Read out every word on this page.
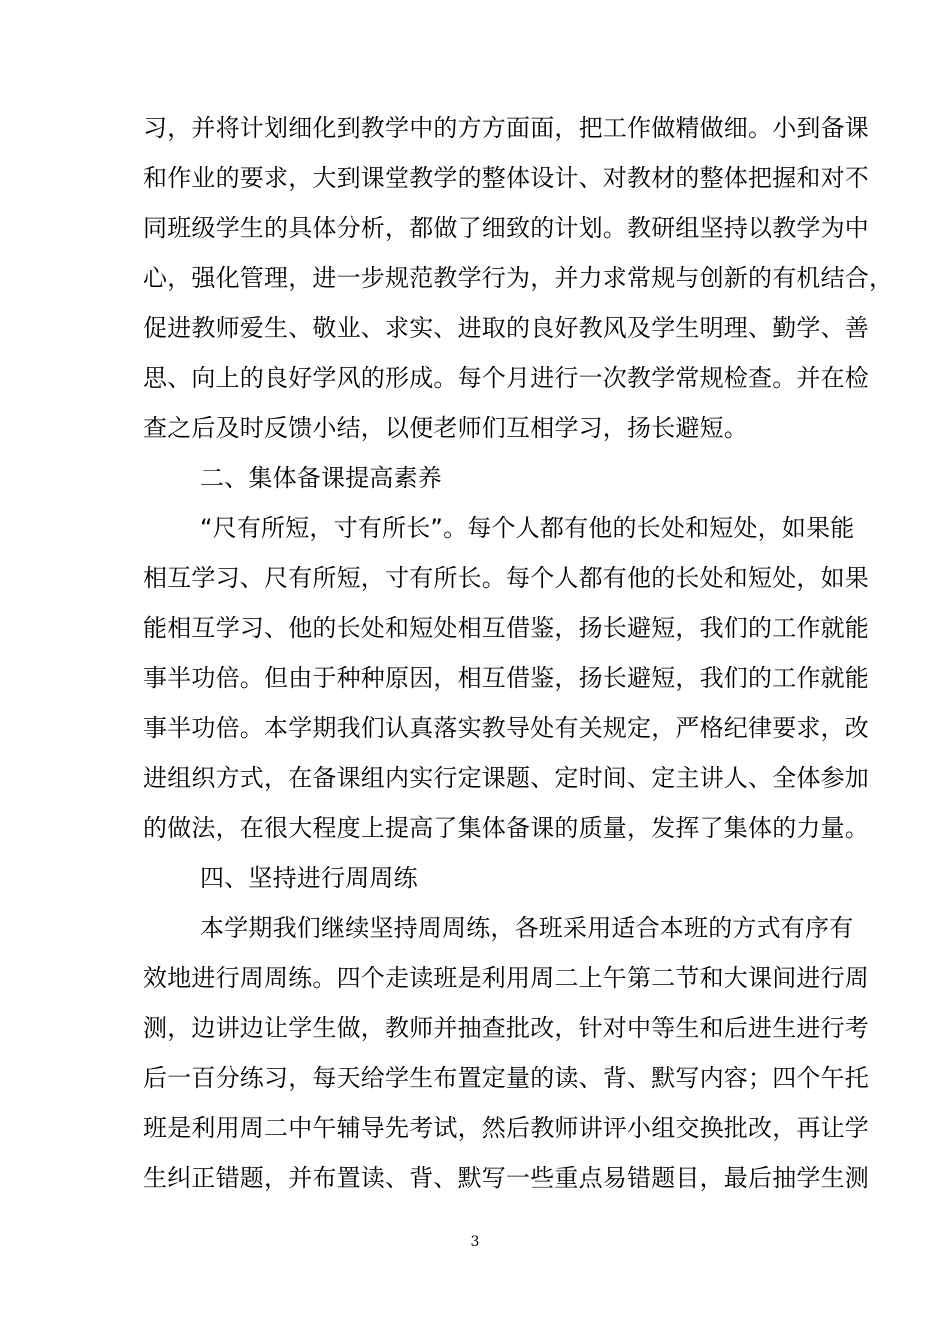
习，并将计划细化到教学中的方方面面，把工作做精做细。小到备课
和作业的要求，大到课堂教学的整体设计、对教材的整体把握和对不
同班级学生的具体分析，都做了细致的计划。教研组坚持以教学为中
心，强化管理，进一步规范教学行为，并力求常规与创新的有机结合，
促进教师爱生、敬业、求实、进取的良好教风及学生明理、勤学、善
思、向上的良好学风的形成。每个月进行一次教学常规检查。并在检
查之后及时反馈小结，以便老师们互相学习，扬长避短。
二、集体备课提高素养
“尺有所短，寸有所长”。每个人都有他的长处和短处，如果能
相互学习、尺有所短，寸有所长。每个人都有他的长处和短处，如果
能相互学习、他的长处和短处相互借鉴，扬长避短，我们的工作就能
事半功倍。但由于种种原因，相互借鉴，扬长避短，我们的工作就能
事半功倍。本学期我们认真落实教导处有关规定，严格纪律要求，改
进组织方式，在备课组内实行定课题、定时间、定主讲人、全体参加
的做法，在很大程度上提高了集体备课的质量，发挥了集体的力量。
四、坚持进行周周练
本学期我们继续坚持周周练，各班采用适合本班的方式有序有
效地进行周周练。四个走读班是利用周二上午第二节和大课间进行周
测，边讲边让学生做，教师并抽查批改，针对中等生和后进生进行考
后一百分练习，每天给学生布置定量的读、背、默写内容；四个午托
班是利用周二中午辅导先考试，然后教师讲评小组交换批改，再让学
生纠正错题，并布置读、背、默写一些重点易错题目，最后抽学生测
3
